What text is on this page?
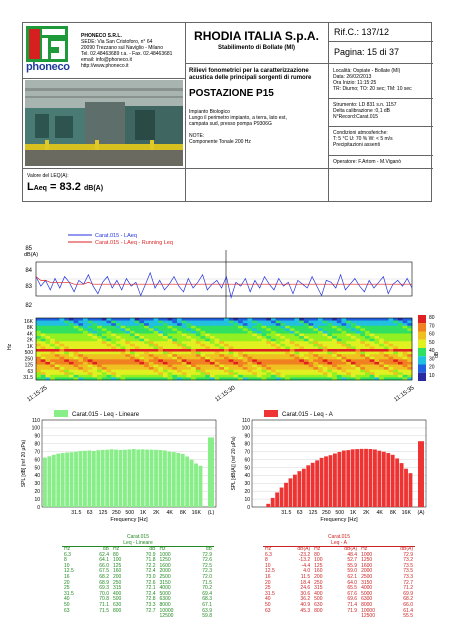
phoneco
PHONECO S.R.L.
SEDE: Via San Cristoforo, n° 64
20090 Trezzano sul Naviglio - Milano
Tel. 02.48463689 r.a. - Fax. 02.48463681
email: info@phoneco.it
http://www.phoneco.it
RHODIA ITALIA S.p.A.
Stabilimento di Bollate (MI)
Rif.C.: 137/12
Pagina: 15 di 37
Rilievi fonometrici per la caratterizzazione acustica delle principali sorgenti di rumore
POSTAZIONE P15
Impianto Biologico
Lungo il perimetro impianto, a terra, lato est,
campata sud, presso pompa P9306G
NOTE:
Componente Tonale 200 Hz
Località: Ospiate - Bollate (MI)
Data: 26/02/2013
Ora Inizio: 11:15:25
TR: Diurno; TO: 20 sec; TM: 10 sec
Strumento: LD 831 s.n. 1157
Delta calibrazione :0,1 dB
N°Record:Carat.015
Condizioni atmosferiche:
T: 5 °C U: 70 % W: < 5 m/s
Precipitazioni assenti
Operatore: F.Artom - M.Viganò
Valore del LEQ(A):
LAeq = 83.2 dB(A)
Carat.015 - LAeq
Carat.015 - LAeq - Running Leq
dB(A)
85
84
83
82
Hz
16K
8K
4K
2K
1K
500
250
125
63
31.5
80
70
60
50
40
30
20
10
dB
11:15:25	11:15:30	11:15:35
Carat.015 - Leq - Lineare
0
10
20
30
40
50
60
70
80
90
100
110
31.5 63 125 250 500 1K 2K 4K 8K 16K (L)
Frequency [Hz]
SPL [dB] (ref 20 µPa)
Carat.015 - Leq - A
0
10
20
30
40
50
60
70
80
90
100
110
31.5 63 125 250 500 1K 2K 4K 8K 16K (A)
Frequency [Hz]
SPL [dB(A)] (ref 20 µPa)
Carat.015
Leq - Lineare
Hz	dB	Hz	dB	Hz	dB
6.3	62.4	80	70.9	1000	72.9
8	64.1	100	71.8	1250	72.6
10	66.0	125	72.2	1600	72.5
12.5	67.5	160	72.4	2000	72.3
16	68.2	200	73.0	2500	72.0
20	68.9	250	72.6	3150	71.5
25	69.3	315	72.1	4000	70.2
31.5	70.0	400	72.4	5000	69.4
40	70.8	500	72.8	6300	68.3
50	71.1	630	73.3	8000	67.1
63	71.5	800	72.7	10000	63.9
				12500	59.8
Carat.015
Leq - A
Hz	dB(A)	Hz	dB(A)	Hz	dB(A)
6.3	-23.2	80	48.4	1000	72.9
8	-13.2	100	52.7	1250	73.2
10	-4.4	125	55.9	1600	73.5
12.5	4.0	160	59.0	2000	73.5
16	11.5	200	62.1	2500	73.3
20	18.4	250	64.0	3150	72.7
25	24.6	315	65.5	4000	71.2
31.5	30.6	400	67.6	5000	69.9
40	36.2	500	69.6	6300	68.2
50	40.9	630	71.4	8000	66.0
63	45.3	800	71.9	10000	61.4
				12500	55.5
